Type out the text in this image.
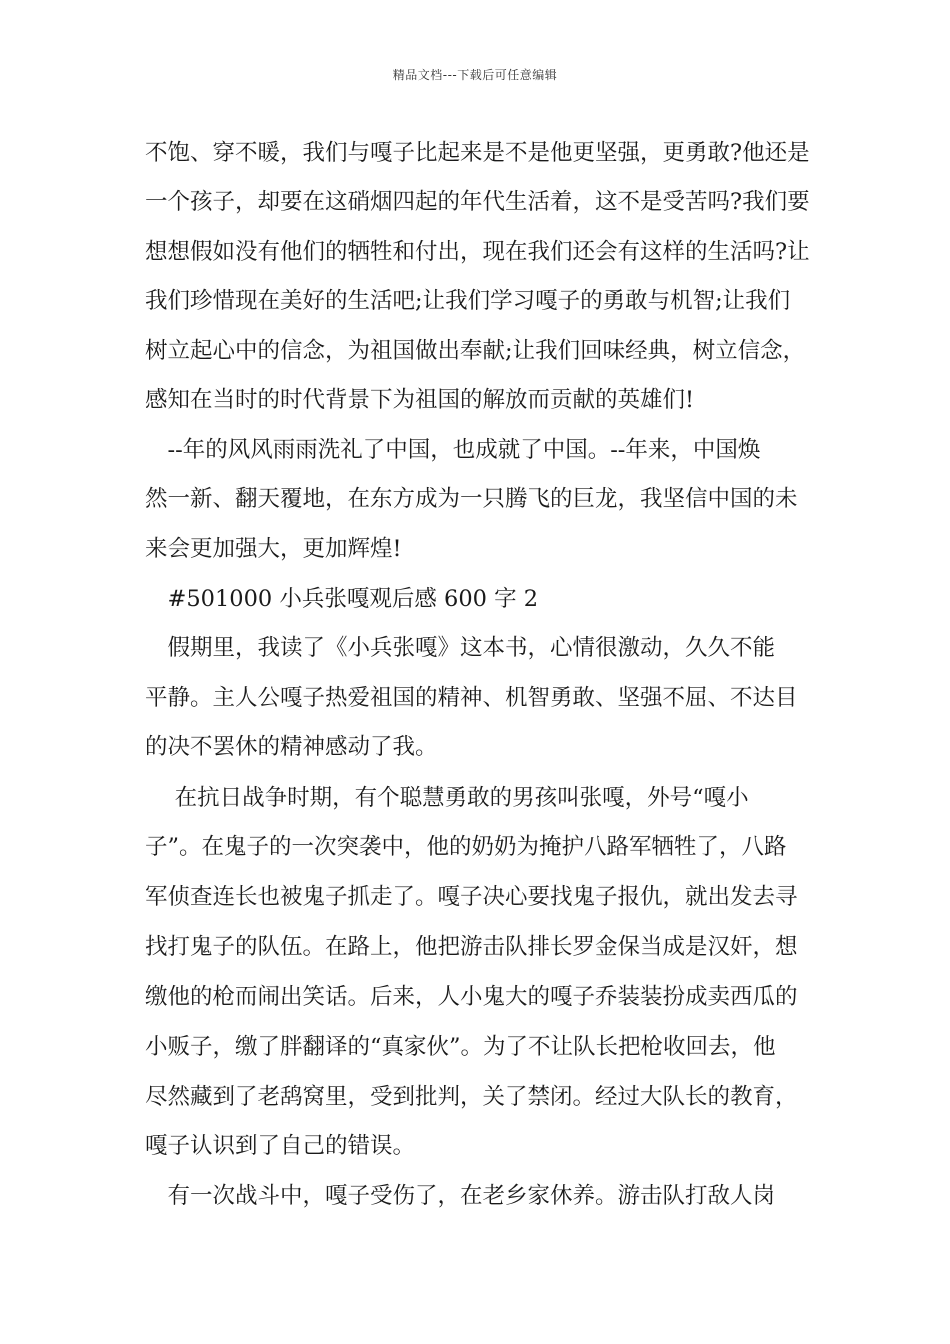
精品文档---下载后可任意编辑
不饱、穿不暖，我们与嘎子比起来是不是他更坚强，更勇敢?他还是
一个孩子，却要在这硝烟四起的年代生活着，这不是受苦吗?我们要
想想假如没有他们的牺牲和付出，现在我们还会有这样的生活吗?让
我们珍惜现在美好的生活吧;让我们学习嘎子的勇敢与机智;让我们
树立起心中的信念，为祖国做出奉献;让我们回味经典，树立信念，
感知在当时的时代背景下为祖国的解放而贡献的英雄们!
　--年的风风雨雨洗礼了中国，也成就了中国。--年来，中国焕
然一新、翻天覆地，在东方成为一只腾飞的巨龙，我坚信中国的未
来会更加强大，更加辉煌!
　#501000 小兵张嘎观后感 600 字 2
　假期里，我读了《小兵张嘎》这本书，心情很激动，久久不能
平静。主人公嘎子热爱祖国的精神、机智勇敢、坚强不屈、不达目
的决不罢休的精神感动了我。
　 在抗日战争时期，有个聪慧勇敢的男孩叫张嘎，外号“嘎小
子”。在鬼子的一次突袭中，他的奶奶为掩护八路军牺牲了，八路
军侦查连长也被鬼子抓走了。嘎子决心要找鬼子报仇，就出发去寻
找打鬼子的队伍。在路上，他把游击队排长罗金保当成是汉奸，想
缴他的枪而闹出笑话。后来，人小鬼大的嘎子乔装装扮成卖西瓜的
小贩子，缴了胖翻译的“真家伙”。为了不让队长把枪收回去，他
尽然藏到了老鸹窝里，受到批判，关了禁闭。经过大队长的教育，
嘎子认识到了自己的错误。
　有一次战斗中，嘎子受伤了，在老乡家休养。游击队打敌人岗
